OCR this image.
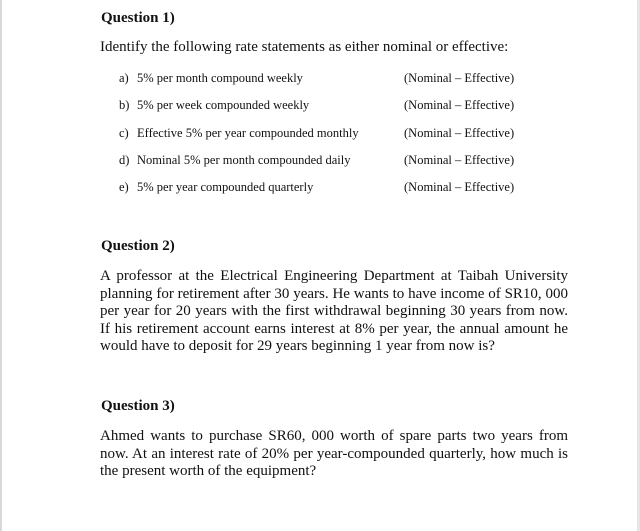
Question 1)
Identify the following rate statements as either nominal or effective:
a) 5% per month compound weekly	(Nominal – Effective)
b) 5% per week compounded weekly	(Nominal – Effective)
c) Effective 5% per year compounded monthly	(Nominal – Effective)
d) Nominal 5% per month compounded daily	(Nominal – Effective)
e) 5% per year compounded quarterly	(Nominal – Effective)
Question 2)

A professor at the Electrical Engineering Department at Taibah University planning for retirement after 30 years. He wants to have income of SR10, 000 per year for 20 years with the first withdrawal beginning 30 years from now. If his retirement account earns interest at 8% per year, the annual amount he would have to deposit for 29 years beginning 1 year from now is?

Question 3)

Ahmed wants to purchase SR60, 000 worth of spare parts two years from now. At an interest rate of 20% per year-compounded quarterly, how much is the present worth of the equipment?
